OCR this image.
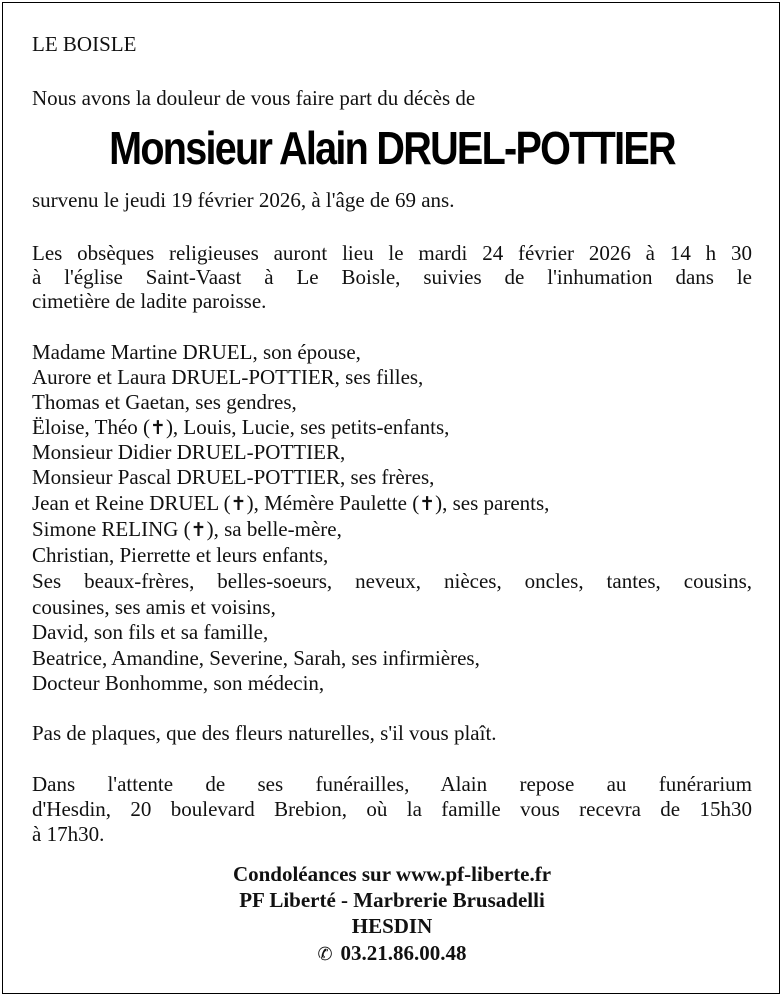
LE BOISLE
Nous avons la douleur de vous faire part du décès de
Monsieur Alain DRUEL-POTTIER
survenu le jeudi 19 février 2026, à l'âge de 69 ans.
Les obsèques religieuses auront lieu le mardi 24 février 2026 à 14 h 30
à l'église Saint-Vaast à Le Boisle, suivies de l'inhumation dans le
cimetière de ladite paroisse.
Madame Martine DRUEL, son épouse,
Aurore et Laura DRUEL-POTTIER, ses filles,
Thomas et Gaetan, ses gendres,
Ëloise, Théo (✝), Louis, Lucie, ses petits-enfants,
Monsieur Didier DRUEL-POTTIER,
Monsieur Pascal DRUEL-POTTIER, ses frères,
Jean et Reine DRUEL (✝), Mémère Paulette (✝), ses parents,
Simone RELING (✝), sa belle-mère,
Christian, Pierrette et leurs enfants,
Ses beaux-frères, belles-soeurs, neveux, nièces, oncles, tantes, cousins,
cousines, ses amis et voisins,
David, son fils et sa famille,
Beatrice, Amandine, Severine, Sarah, ses infirmières,
Docteur Bonhomme, son médecin,
Pas de plaques, que des fleurs naturelles, s'il vous plaît.
Dans l'attente de ses funérailles, Alain repose au funérarium
d'Hesdin, 20 boulevard Brebion, où la famille vous recevra de 15h30
à 17h30.
Condoléances sur www.pf-liberte.fr
PF Liberté - Marbrerie Brusadelli
HESDIN
✆ 03.21.86.00.48
